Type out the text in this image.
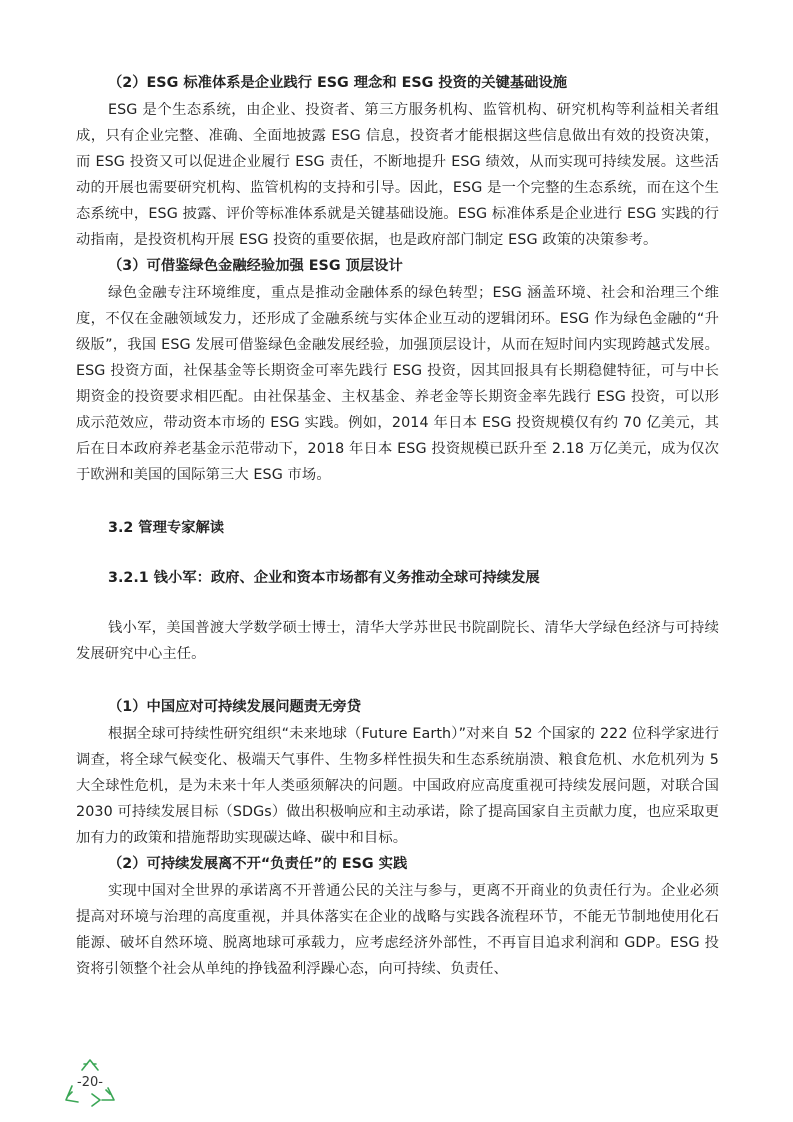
（2）ESG 标准体系是企业践行 ESG 理念和 ESG 投资的关键基础设施

ESG 是个生态系统，由企业、投资者、第三方服务机构、监管机构、研究机构等利益相关者组成，只有企业完整、准确、全面地披露 ESG 信息，投资者才能根据这些信息做出有效的投资决策，而 ESG 投资又可以促进企业履行 ESG 责任，不断地提升 ESG 绩效，从而实现可持续发展。这些活动的开展也需要研究机构、监管机构的支持和引导。因此，ESG 是一个完整的生态系统，而在这个生态系统中，ESG 披露、评价等标准体系就是关键基础设施。ESG 标准体系是企业进行 ESG 实践的行动指南，是投资机构开展 ESG 投资的重要依据，也是政府部门制定 ESG 政策的决策参考。

（3）可借鉴绿色金融经验加强 ESG 顶层设计

绿色金融专注环境维度，重点是推动金融体系的绿色转型；ESG 涵盖环境、社会和治理三个维度，不仅在金融领域发力，还形成了金融系统与实体企业互动的逻辑闭环。ESG 作为绿色金融的“升级版”，我国 ESG 发展可借鉴绿色金融发展经验，加强顶层设计，从而在短时间内实现跨越式发展。ESG 投资方面，社保基金等长期资金可率先践行 ESG 投资，因其回报具有长期稳健特征，可与中长期资金的投资要求相匹配。由社保基金、主权基金、养老金等长期资金率先践行 ESG 投资，可以形成示范效应，带动资本市场的 ESG 实践。例如，2014 年日本 ESG 投资规模仅有约 70 亿美元，其后在日本政府养老基金示范带动下，2018 年日本 ESG 投资规模已跃升至 2.18 万亿美元，成为仅次于欧洲和美国的国际第三大 ESG 市场。

3.2 管理专家解读

3.2.1 钱小军：政府、企业和资本市场都有义务推动全球可持续发展

钱小军，美国普渡大学数学硕士博士，清华大学苏世民书院副院长、清华大学绿色经济与可持续发展研究中心主任。

（1）中国应对可持续发展问题责无旁贷

根据全球可持续性研究组织“未来地球（Future Earth）”对来自 52 个国家的 222 位科学家进行调查，将全球气候变化、极端天气事件、生物多样性损失和生态系统崩溃、粮食危机、水危机列为 5 大全球性危机，是为未来十年人类亟须解决的问题。中国政府应高度重视可持续发展问题，对联合国 2030 可持续发展目标（SDGs）做出积极响应和主动承诺，除了提高国家自主贡献力度，也应采取更加有力的政策和措施帮助实现碳达峰、碳中和目标。

（2）可持续发展离不开“负责任”的 ESG 实践

实现中国对全世界的承诺离不开普通公民的关注与参与，更离不开商业的负责任行为。企业必须提高对环境与治理的高度重视，并具体落实在企业的战略与实践各流程环节，不能无节制地使用化石能源、破坏自然环境、脱离地球可承载力，应考虑经济外部性，不再盲目追求利润和 GDP。ESG 投资将引领整个社会从单纯的挣钱盈利浮躁心态，向可持续、负责任、

-20-
